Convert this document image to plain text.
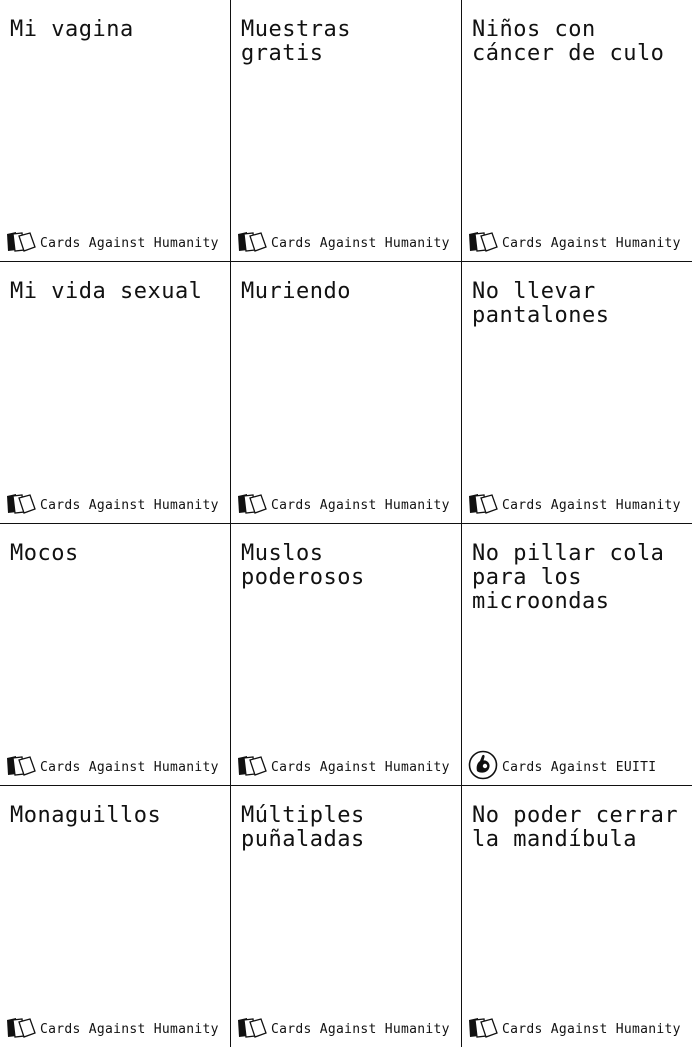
Mi vagina
Cards Against Humanity
Muestras
gratis
Cards Against Humanity
Niños con
cáncer de culo
Cards Against Humanity
Mi vida sexual
Cards Against Humanity
Muriendo
Cards Against Humanity
No llevar
pantalones
Cards Against Humanity
Mocos
Cards Against Humanity
Muslos
poderosos
Cards Against Humanity
No pillar cola
para los
microondas
Cards Against EUITI
Monaguillos
Cards Against Humanity
Múltiples
puñaladas
Cards Against Humanity
No poder cerrar
la mandíbula
Cards Against Humanity
